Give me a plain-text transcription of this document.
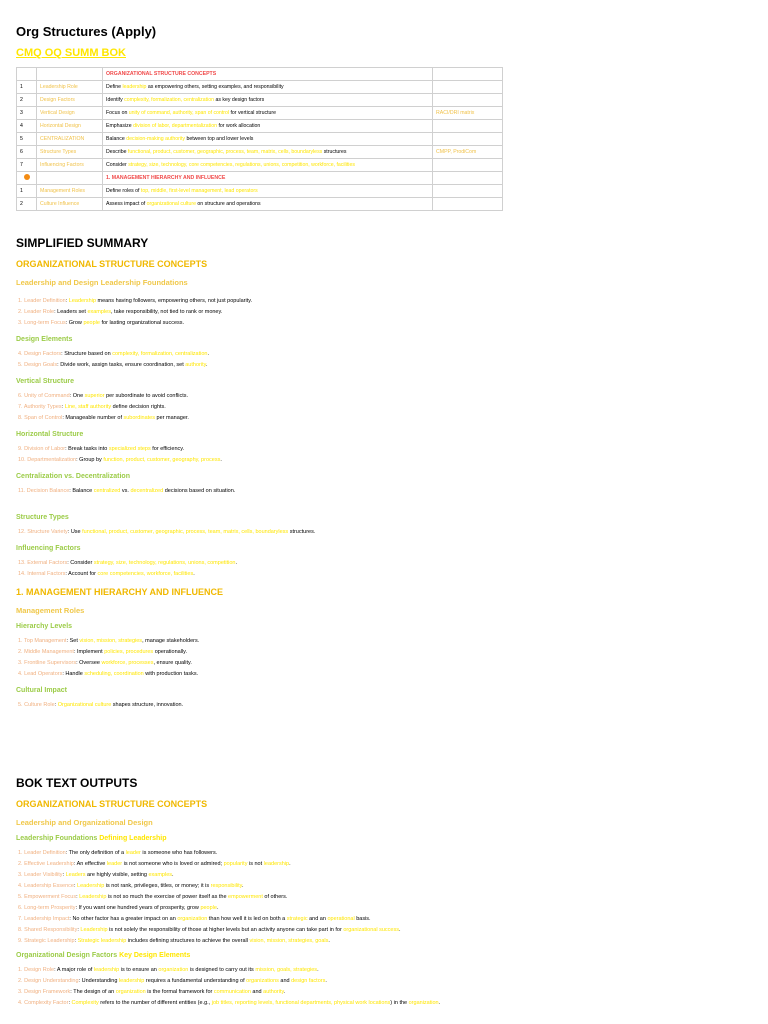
Org Structures (Apply)
CMQ OQ SUMM BOK
		ORGANIZATIONAL STRUCTURE CONCEPTS	
1	Leadership Role	Define leadership as empowering others, setting examples, and responsibility	
2	Design Factors	Identify complexity, formalization, centralization as key design factors	
3	Vertical Design	Focus on unity of command, authority, span of control for vertical structure	RACI/DRI matrix
4	Horizontal Design	Emphasize division of labor, departmentalization for work allocation	
5	CENTRALIZATION	Balance decision-making authority between top and lower levels	
6	Structure Types	Describe functional, product, customer, geographic, process, team, matrix, cells, boundaryless structures	CMPP, ProdiCom
7	Influencing Factors	Consider strategy, size, technology, core competencies, regulations, unions, competition, workforce, facilities	
		1. MANAGEMENT HIERARCHY AND INFLUENCE	
1	Management Roles	Define roles of top, middle, first-level management, lead operators	
2	Culture Influence	Assess impact of organizational culture on structure and operations	
SIMPLIFIED SUMMARY
ORGANIZATIONAL STRUCTURE CONCEPTS
Leadership and Design Leadership Foundations
1. Leader Definition: Leadership means having followers, empowering others, not just popularity.
2. Leader Role: Leaders set examples, take responsibility, not tied to rank or money.
3. Long-term Focus: Grow people for lasting organizational success.
Design Elements
4. Design Factors: Structure based on complexity, formalization, centralization.
5. Design Goals: Divide work, assign tasks, ensure coordination, set authority.
Vertical Structure
6. Unity of Command: One superior per subordinate to avoid conflicts.
7. Authority Types: Line, staff authority define decision rights.
8. Span of Control: Manageable number of subordinates per manager.
Horizontal Structure
9. Division of Labor: Break tasks into specialized steps for efficiency.
10. Departmentalization: Group by function, product, customer, geography, process.
Centralization vs. Decentralization
11. Decision Balance: Balance centralized vs. decentralized decisions based on situation.
Structure Types
12. Structure Variety: Use functional, product, customer, geographic, process, team, matrix, cells, boundaryless structures.
Influencing Factors
13. External Factors: Consider strategy, size, technology, regulations, unions, competition.
14. Internal Factors: Account for core competencies, workforce, facilities.
1. MANAGEMENT HIERARCHY AND INFLUENCE
Management Roles
Hierarchy Levels
1. Top Management: Set vision, mission, strategies, manage stakeholders.
2. Middle Management: Implement policies, procedures operationally.
3. Frontline Supervisors: Oversee workforce, processes, ensure quality.
4. Lead Operators: Handle scheduling, coordination with production tasks.
Cultural Impact
5. Culture Role: Organizational culture shapes structure, innovation.
BOK TEXT OUTPUTS
ORGANIZATIONAL STRUCTURE CONCEPTS
Leadership and Organizational Design
Leadership Foundations Defining Leadership
1. Leader Definition: The only definition of a leader is someone who has followers.
2. Effective Leadership: An effective leader is not someone who is loved or admired; popularity is not leadership.
3. Leader Visibility: Leaders are highly visible, setting examples.
4. Leadership Essence: Leadership is not rank, privileges, titles, or money; it is responsibility.
5. Empowerment Focus: Leadership is not so much the exercise of power itself as the empowerment of others.
6. Long-term Prosperity: If you want one hundred years of prosperity, grow people.
7. Leadership Impact: No other factor has a greater impact on an organization than how well it is led on both a strategic and an operational basis.
8. Shared Responsibility: Leadership is not solely the responsibility of those at higher levels but an activity anyone can take part in for organizational success.
9. Strategic Leadership: Strategic leadership includes defining structures to achieve the overall vision, mission, strategies, goals.
Organizational Design Factors Key Design Elements
1. Design Role: A major role of leadership is to ensure an organization is designed to carry out its mission, goals, strategies.
2. Design Understanding: Understanding leadership requires a fundamental understanding of organizations and design factors.
3. Design Framework: The design of an organization is the formal framework for communication and authority.
4. Complexity Factor: Complexity refers to the number of different entities (e.g., job titles, reporting levels, functional departments, physical work locations) in the organization.
